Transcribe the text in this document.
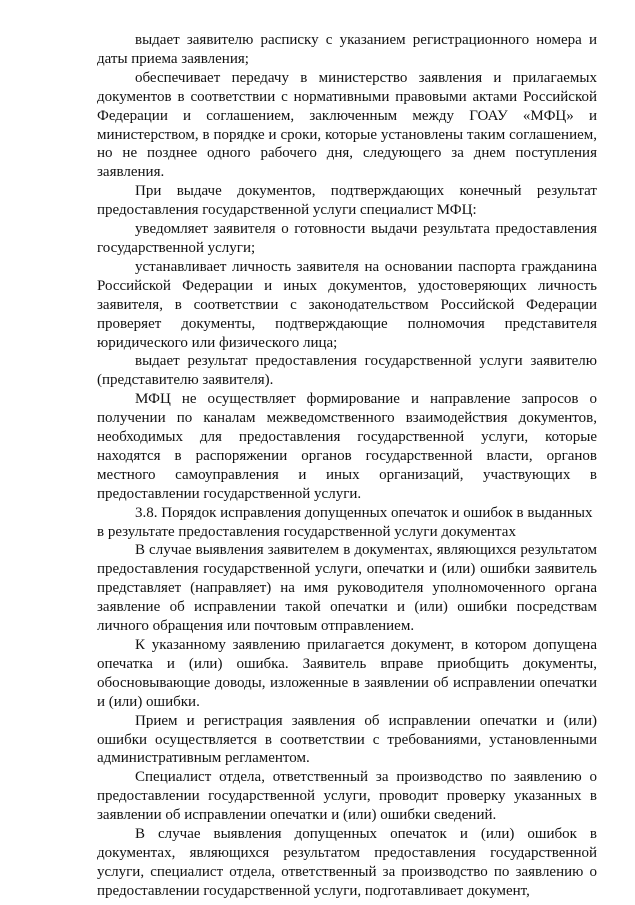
выдает заявителю расписку с указанием регистрационного номера и даты приема заявления;

обеспечивает передачу в министерство заявления и прилагаемых документов в соответствии с нормативными правовыми актами Российской Федерации и соглашением, заключенным между ГОАУ «МФЦ» и министерством, в порядке и сроки, которые установлены таким соглашением, но не позднее одного рабочего дня, следующего за днем поступления заявления.

При выдаче документов, подтверждающих конечный результат предоставления государственной услуги специалист МФЦ:

уведомляет заявителя о готовности выдачи результата предоставления государственной услуги;

устанавливает личность заявителя на основании паспорта гражданина Российской Федерации и иных документов, удостоверяющих личность заявителя, в соответствии с законодательством Российской Федерации проверяет документы, подтверждающие полномочия представителя юридического или физического лица;

выдает результат предоставления государственной услуги заявителю (представителю заявителя).

МФЦ не осуществляет формирование и направление запросов о получении по каналам межведомственного взаимодействия документов, необходимых для предоставления государственной услуги, которые находятся в распоряжении органов государственной власти, органов местного самоуправления и иных организаций, участвующих в предоставлении государственной услуги.

3.8. Порядок исправления допущенных опечаток и ошибок в выданных в результате предоставления государственной услуги документах

В случае выявления заявителем в документах, являющихся результатом предоставления государственной услуги, опечатки и (или) ошибки заявитель представляет (направляет) на имя руководителя уполномоченного органа заявление об исправлении такой опечатки и (или) ошибки посредствам личного обращения или почтовым отправлением.

К указанному заявлению прилагается документ, в котором допущена опечатка и (или) ошибка. Заявитель вправе приобщить документы, обосновывающие доводы, изложенные в заявлении об исправлении опечатки и (или) ошибки.

Прием и регистрация заявления об исправлении опечатки и (или) ошибки осуществляется в соответствии с требованиями, установленными административным регламентом.

Специалист отдела, ответственный за производство по заявлению о предоставлении государственной услуги, проводит проверку указанных в заявлении об исправлении опечатки и (или) ошибки сведений.

В случае выявления допущенных опечаток и (или) ошибок в документах, являющихся результатом предоставления государственной услуги, специалист отдела, ответственный за производство по заявлению о предоставлении государственной услуги, подготавливает документ,
